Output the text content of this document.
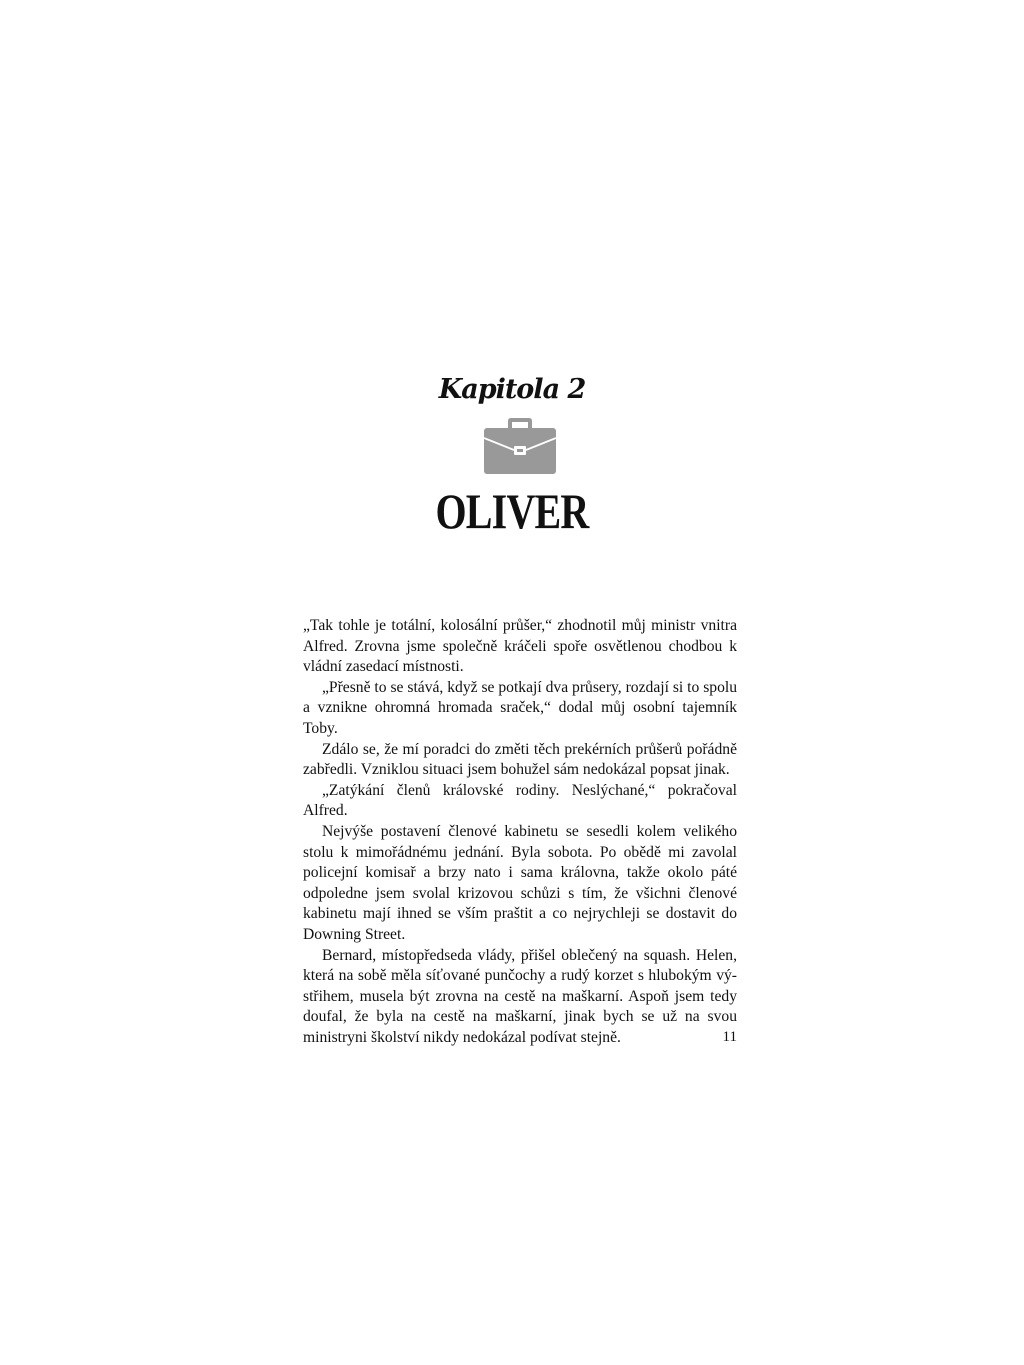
Kapitola 2
OLIVER

„Tak tohle je totální, kolosální průšer,“ zhodnotil můj ministr vnitra Alfred. Zrovna jsme společně kráčeli spoře osvětlenou chodbou k vládní zasedací místnosti.

„Přesně to se stává, když se potkají dva průsery, rozdají si to spolu a vznikne ohromná hromada sraček,“ dodal můj osobní tajemník Toby.

Zdálo se, že mí poradci do změti těch prekérních průšerů pořádně zabředli. Vzniklou situaci jsem bohužel sám nedokázal popsat jinak.

„Zatýkání členů královské rodiny. Neslýchané,“ pokračoval Alfred.

Nejvýše postavení členové kabinetu se sesedli kolem velikého stolu k mimořádnému jednání. Byla sobota. Po obědě mi zavolal policejní komisař a brzy nato i sama královna, takže okolo páté odpoledne jsem svolal krizovou schůzi s tím, že všichni členové kabinetu mají ihned se vším praštit a co nejrychleji se dostavit do Downing Street.

Bernard, místopředseda vlády, přišel oblečený na squash. Helen, která na sobě měla síťované punčochy a rudý korzet s hlubokým výstřihem, musela být zrovna na cestě na maškarní. Aspoň jsem tedy doufal, že byla na cestě na maškarní, jinak bych se už na svou ministryni školství nikdy nedokázal podívat stejně.	11
